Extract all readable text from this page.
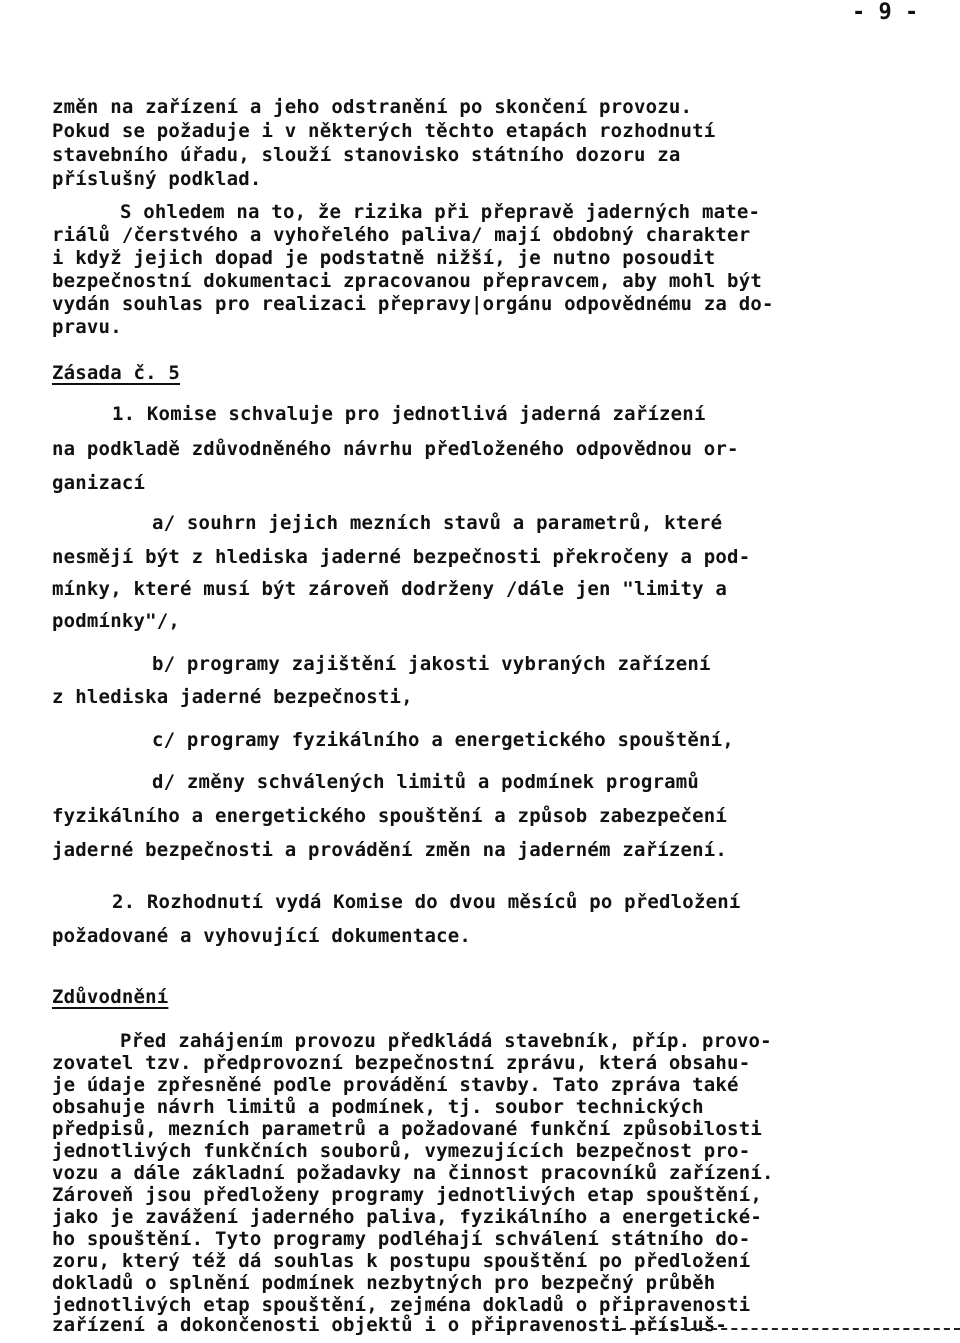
- 9 -
změn na zařízení a jeho odstranění po skončení provozu.
Pokud se požaduje i v některých těchto etapách rozhodnutí
stavebního úřadu, slouží stanovisko státního dozoru za
příslušný podklad.
S ohledem na to, že rizika při přepravě jaderných mate-
riálů /čerstvého a vyhořelého paliva/ mají obdobný charakter
i když jejich dopad je podstatně nižší, je nutno posoudit
bezpečnostní dokumentaci zpracovanou přepravcem, aby mohl být
vydán souhlas pro realizaci přepravy|orgánu odpovědnému za do-
pravu.
Zásada č. 5
1. Komise schvaluje pro jednotlivá jaderná zařízení
na podkladě zdůvodněného návrhu předloženého odpovědnou or-
ganizací
a/ souhrn jejich mezních stavů a parametrů, které
nesmějí být z hlediska jaderné bezpečnosti překročeny a pod-
mínky, které musí být zároveň dodrženy /dále jen "limity a
podmínky"/,
b/ programy zajištění jakosti vybraných zařízení
z hlediska jaderné bezpečnosti,
c/ programy fyzikálního a energetického spouštění,
d/ změny schválených limitů a podmínek programů
fyzikálního a energetického spouštění a způsob zabezpečení
jaderné bezpečnosti a provádění změn na jaderném zařízení.
2. Rozhodnutí vydá Komise do dvou měsíců po předložení
požadované a vyhovující dokumentace.
Zdůvodnění
Před zahájením provozu předkládá stavebník, příp. provo-
zovatel tzv. předprovozní bezpečnostní zprávu, která obsahu-
je údaje zpřesněné podle provádění stavby. Tato zpráva také
obsahuje návrh limitů a podmínek, tj. soubor technických
předpisů, mezních parametrů a požadované funkční způsobilosti
jednotlivých funkčních souborů, vymezujících bezpečnost pro-
vozu a dále základní požadavky na činnost pracovníků zařízení.
Zároveň jsou předloženy programy jednotlivých etap spouštění,
jako je zavážení jaderného paliva, fyzikálního a energetické-
ho spouštění. Tyto programy podléhají schválení státního do-
zoru, který též dá souhlas k postupu spouštění po předložení
dokladů o splnění podmínek nezbytných pro bezpečný průběh
jednotlivých etap spouštění, zejména dokladů o připravenosti
zařízení a dokončenosti objektů i o připravenosti přísluš-
